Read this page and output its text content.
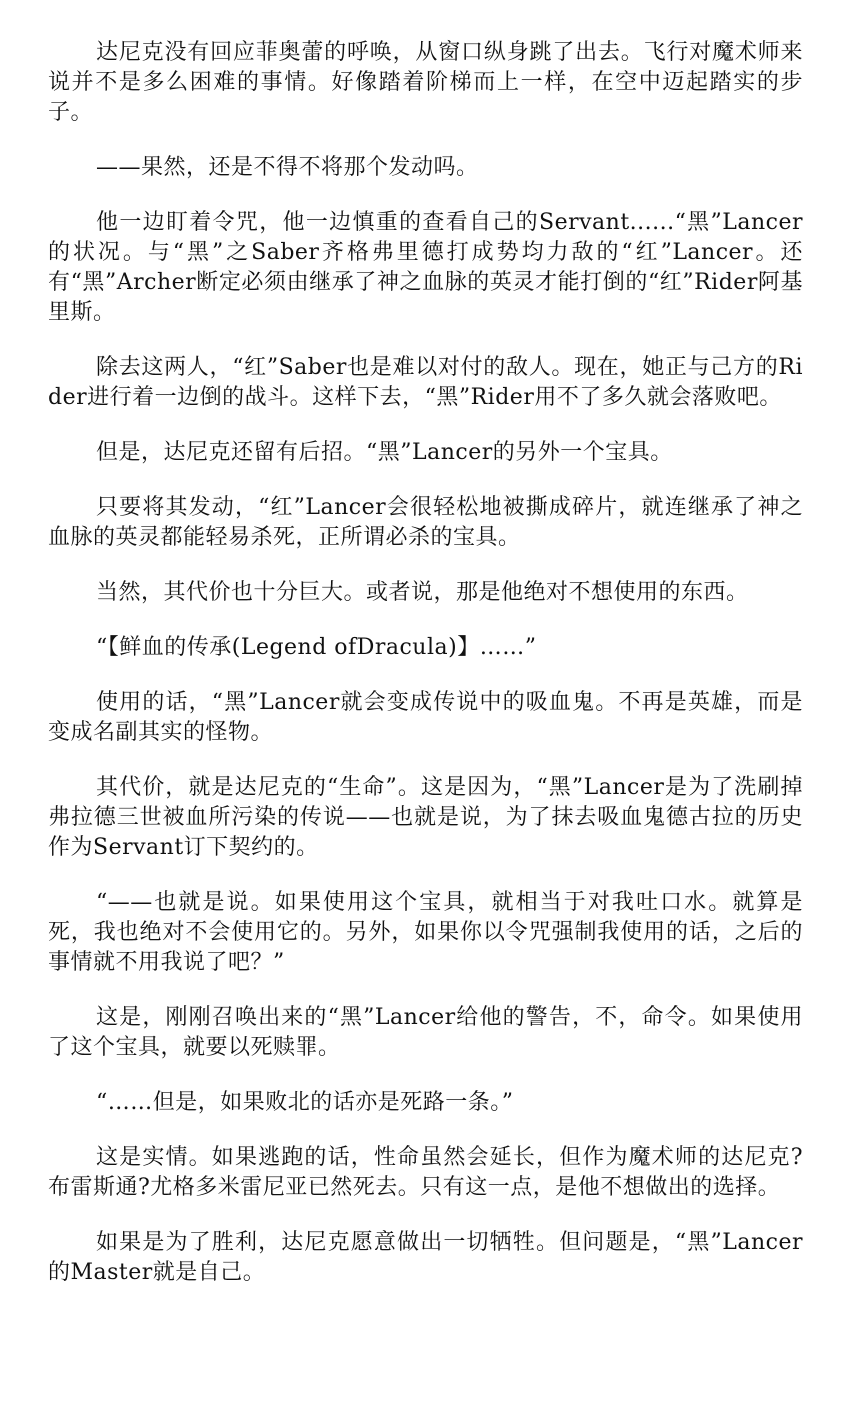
达尼克没有回应菲奥蕾的呼唤，从窗口纵身跳了出去。飞行对魔术师来说并不是多么困难的事情。好像踏着阶梯而上一样，在空中迈起踏实的步子。

——果然，还是不得不将那个发动吗。

他一边盯着令咒，他一边慎重的查看自己的Servant......“黑”Lancer的状况。与“黑”之Saber齐格弗里德打成势均力敌的“红”Lancer。还有“黑”Archer断定必须由继承了神之血脉的英灵才能打倒的“红”Rider阿基里斯。

除去这两人，“红”Saber也是难以对付的敌人。现在，她正与己方的Rider进行着一边倒的战斗。这样下去，“黑”Rider用不了多久就会落败吧。

但是，达尼克还留有后招。“黑”Lancer的另外一个宝具。

只要将其发动，“红”Lancer会很轻松地被撕成碎片，就连继承了神之血脉的英灵都能轻易杀死，正所谓必杀的宝具。

当然，其代价也十分巨大。或者说，那是他绝对不想使用的东西。

“【鲜血的传承(Legend ofDracula)】……”

使用的话，“黑”Lancer就会变成传说中的吸血鬼。不再是英雄，而是变成名副其实的怪物。

其代价，就是达尼克的“生命”。这是因为，“黑”Lancer是为了洗刷掉弗拉德三世被血所污染的传说——也就是说，为了抹去吸血鬼德古拉的历史作为Servant订下契约的。

“——也就是说。如果使用这个宝具，就相当于对我吐口水。就算是死，我也绝对不会使用它的。另外，如果你以令咒强制我使用的话，之后的事情就不用我说了吧？”

这是，刚刚召唤出来的“黑”Lancer给他的警告，不，命令。如果使用了这个宝具，就要以死赎罪。

“……但是，如果败北的话亦是死路一条。”

这是实情。如果逃跑的话，性命虽然会延长，但作为魔术师的达尼克?布雷斯通?尤格多米雷尼亚已然死去。只有这一点，是他不想做出的选择。

如果是为了胜利，达尼克愿意做出一切牺牲。但问题是，“黑”Lancer的Master就是自己。
